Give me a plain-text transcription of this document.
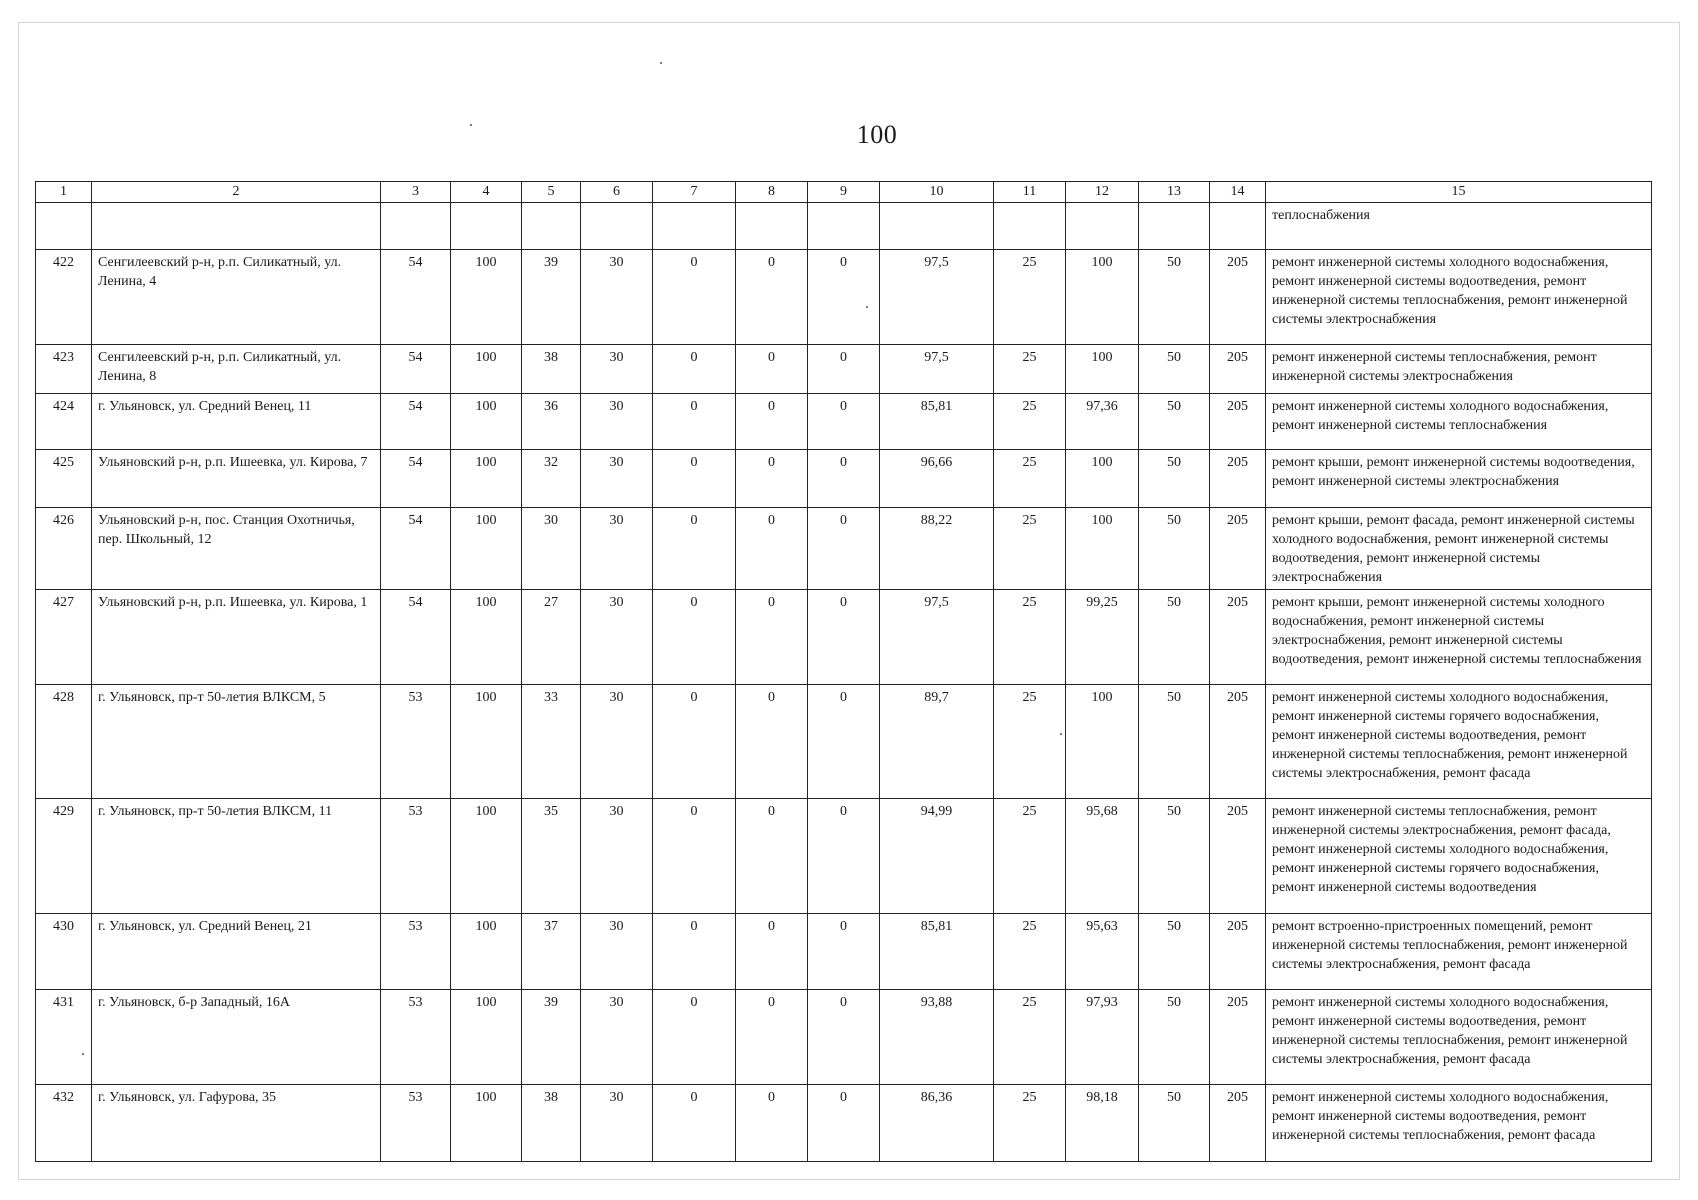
100
1	2	3	4	5	6	7	8	9	10	11	12	13	14	15
														теплоснабжения
422	Сенгилеевский р-н, р.п. Силикатный, ул. Ленина, 4	54	100	39	30	0	0	0	97,5	25	100	50	205	ремонт инженерной системы холодного водоснабжения, ремонт инженерной системы водоотведения, ремонт инженерной системы теплоснабжения, ремонт инженерной системы электроснабжения
423	Сенгилеевский р-н, р.п. Силикатный, ул. Ленина, 8	54	100	38	30	0	0	0	97,5	25	100	50	205	ремонт инженерной системы теплоснабжения, ремонт инженерной системы электроснабжения
424	г. Ульяновск, ул. Средний Венец, 11	54	100	36	30	0	0	0	85,81	25	97,36	50	205	ремонт инженерной системы холодного водоснабжения, ремонт инженерной системы теплоснабжения
425	Ульяновский р-н, р.п. Ишеевка, ул. Кирова, 7	54	100	32	30	0	0	0	96,66	25	100	50	205	ремонт крыши, ремонт инженерной системы водоотведения, ремонт инженерной системы электроснабжения
426	Ульяновский р-н, пос. Станция Охотничья, пер. Школьный, 12	54	100	30	30	0	0	0	88,22	25	100	50	205	ремонт крыши, ремонт фасада, ремонт инженерной системы холодного водоснабжения, ремонт инженерной системы водоотведения, ремонт инженерной системы электроснабжения
427	Ульяновский р-н, р.п. Ишеевка, ул. Кирова, 1	54	100	27	30	0	0	0	97,5	25	99,25	50	205	ремонт крыши, ремонт инженерной системы холодного водоснабжения, ремонт инженерной системы электроснабжения, ремонт инженерной системы водоотведения, ремонт инженерной системы теплоснабжения
428	г. Ульяновск, пр-т 50-летия ВЛКСМ, 5	53	100	33	30	0	0	0	89,7	25	100	50	205	ремонт инженерной системы холодного водоснабжения, ремонт инженерной системы горячего водоснабжения, ремонт инженерной системы водоотведения, ремонт инженерной системы теплоснабжения, ремонт инженерной системы электроснабжения, ремонт фасада
429	г. Ульяновск, пр-т 50-летия ВЛКСМ, 11	53	100	35	30	0	0	0	94,99	25	95,68	50	205	ремонт инженерной системы теплоснабжения, ремонт инженерной системы электроснабжения, ремонт фасада, ремонт инженерной системы холодного водоснабжения, ремонт инженерной системы горячего водоснабжения, ремонт инженерной системы водоотведения
430	г. Ульяновск, ул. Средний Венец, 21	53	100	37	30	0	0	0	85,81	25	95,63	50	205	ремонт встроенно-пристроенных помещений, ремонт инженерной системы теплоснабжения, ремонт инженерной системы электроснабжения, ремонт фасада
431	г. Ульяновск, б-р Западный, 16А	53	100	39	30	0	0	0	93,88	25	97,93	50	205	ремонт инженерной системы холодного водоснабжения, ремонт инженерной системы водоотведения, ремонт инженерной системы теплоснабжения, ремонт инженерной системы электроснабжения, ремонт фасада
432	г. Ульяновск, ул. Гафурова, 35	53	100	38	30	0	0	0	86,36	25	98,18	50	205	ремонт инженерной системы холодного водоснабжения, ремонт инженерной системы водоотведения, ремонт инженерной системы теплоснабжения, ремонт фасада
